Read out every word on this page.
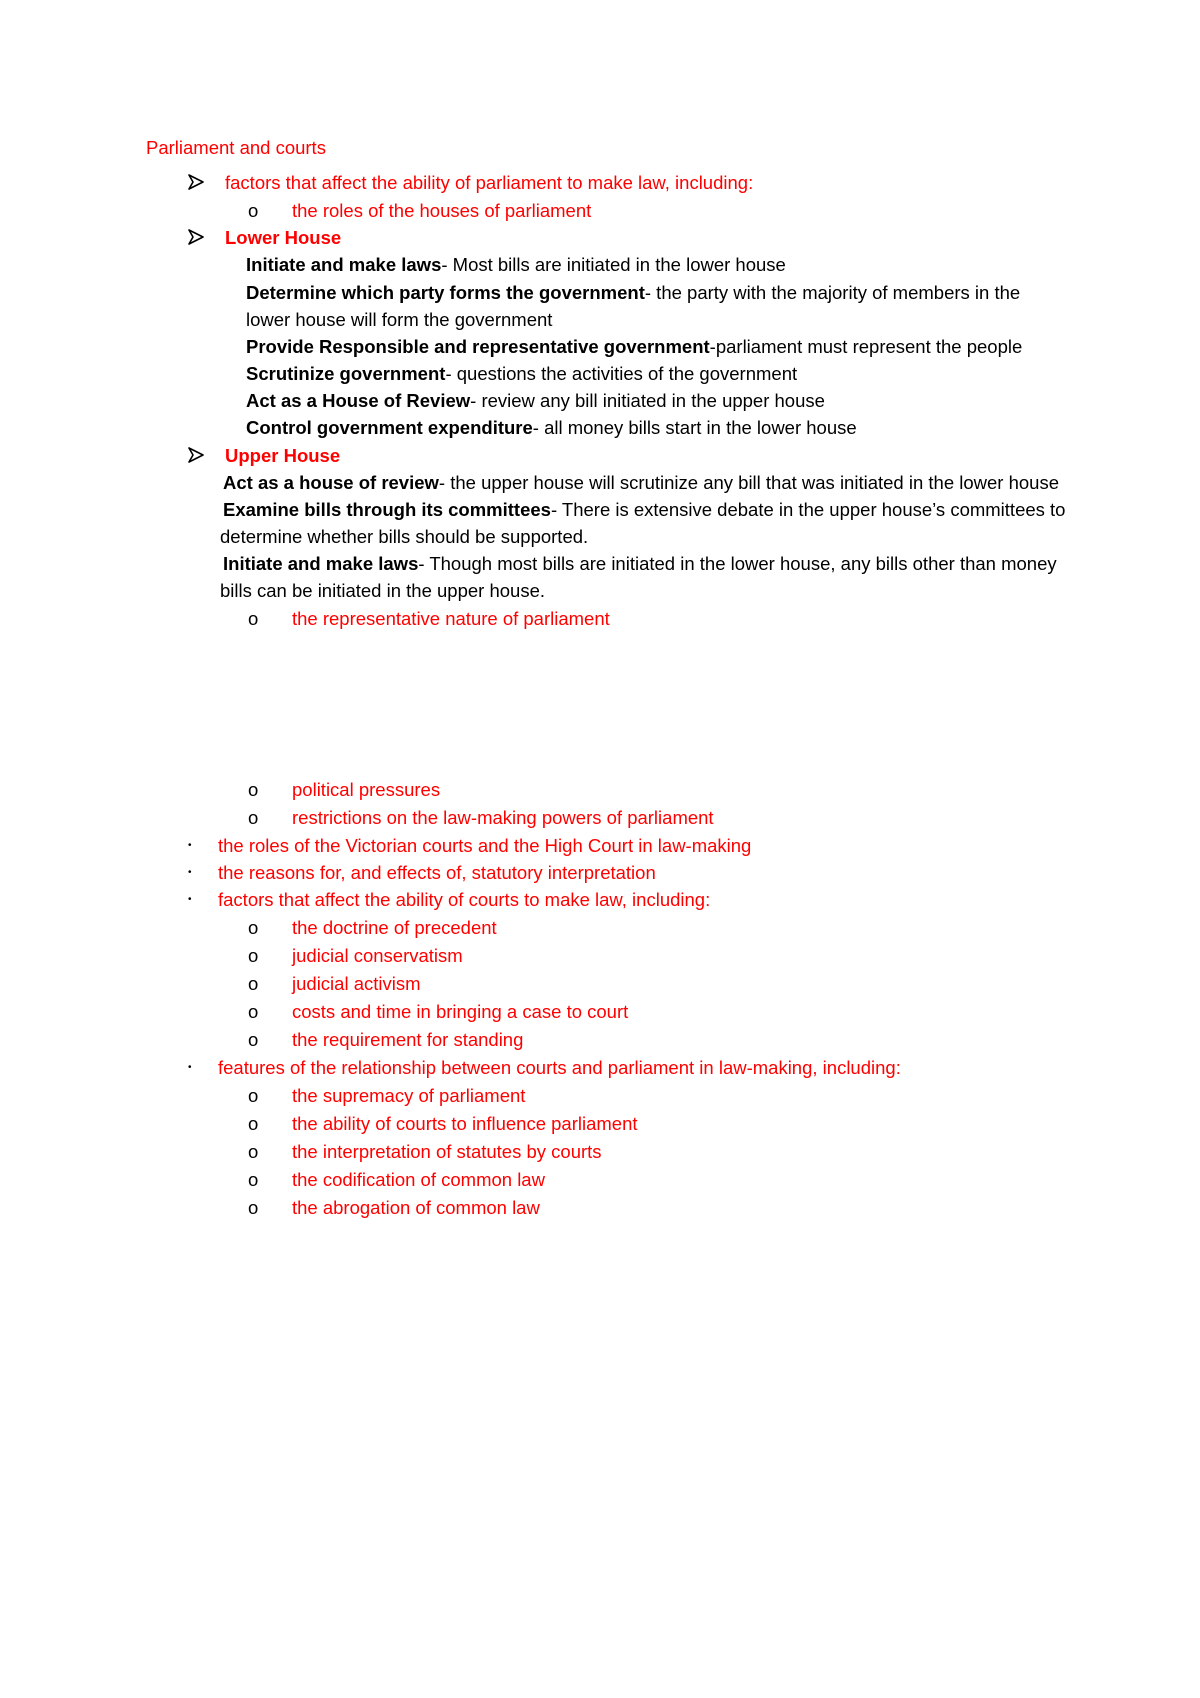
Parliament and courts
factors that affect the ability of parliament to make law, including:
o the roles of the houses of parliament
Lower House
Initiate and make laws- Most bills are initiated in the lower house
Determine which party forms the government- the party with the majority of members in the
lower house will form the government
Provide Responsible and representative government-parliament must represent the people
Scrutinize government- questions the activities of the government
Act as a House of Review- review any bill initiated in the upper house
Control government expenditure- all money bills start in the lower house
Upper House
Act as a house of review- the upper house will scrutinize any bill that was initiated in the lower house
Examine bills through its committees- There is extensive debate in the upper house’s committees to
determine whether bills should be supported.
Initiate and make laws- Though most bills are initiated in the lower house, any bills other than money
bills can be initiated in the upper house.
o the representative nature of parliament
o political pressures
o restrictions on the law-making powers of parliament
• the roles of the Victorian courts and the High Court in law-making
• the reasons for, and effects of, statutory interpretation
• factors that affect the ability of courts to make law, including:
o the doctrine of precedent
o judicial conservatism
o judicial activism
o costs and time in bringing a case to court
o the requirement for standing
• features of the relationship between courts and parliament in law-making, including:
o the supremacy of parliament
o the ability of courts to influence parliament
o the interpretation of statutes by courts
o the codification of common law
o the abrogation of common law
